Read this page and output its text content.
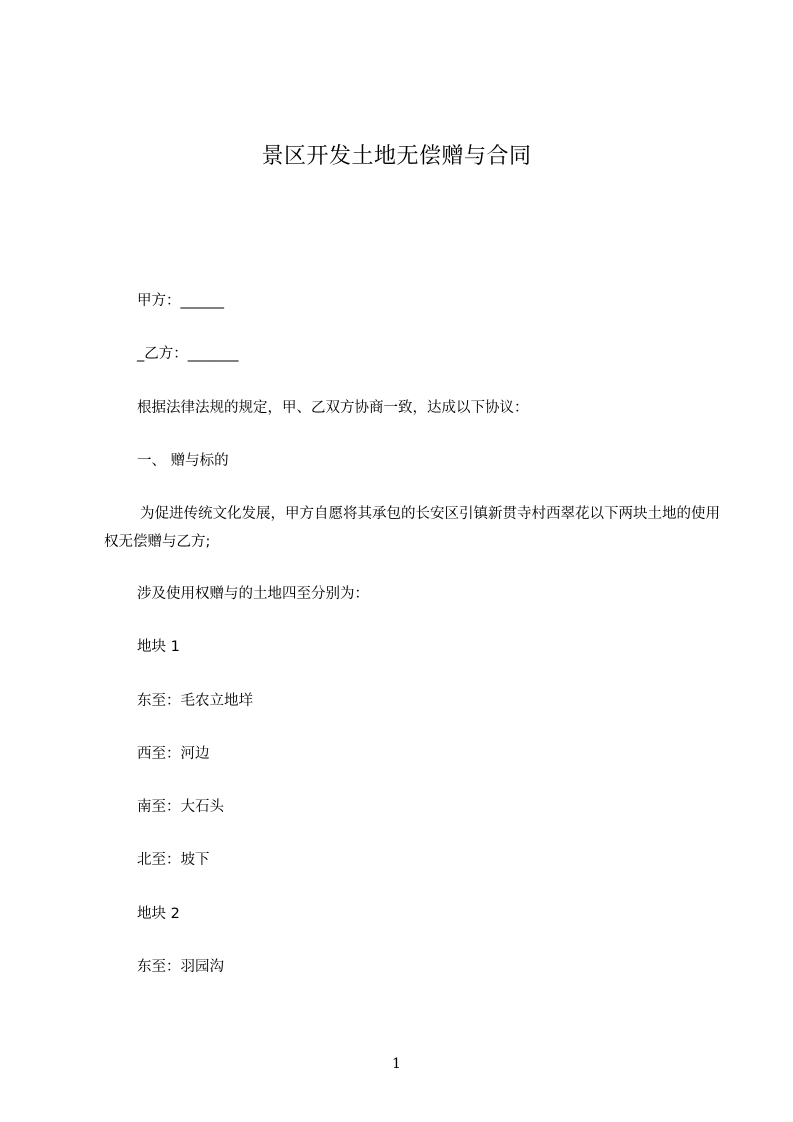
景区开发土地无偿赠与合同
甲方：______
_乙方：_______
根据法律法规的规定，甲、乙双方协商一致，达成以下协议：
一、 赠与标的
为促进传统文化发展，甲方自愿将其承包的长安区引镇新贯寺村西翠花以下两块土地的使用权无偿赠与乙方;
涉及使用权赠与的土地四至分别为：
地块 1
东至：毛农立地垟
西至：河边
南至：大石头
北至：坡下
地块 2
东至：羽园沟
1
